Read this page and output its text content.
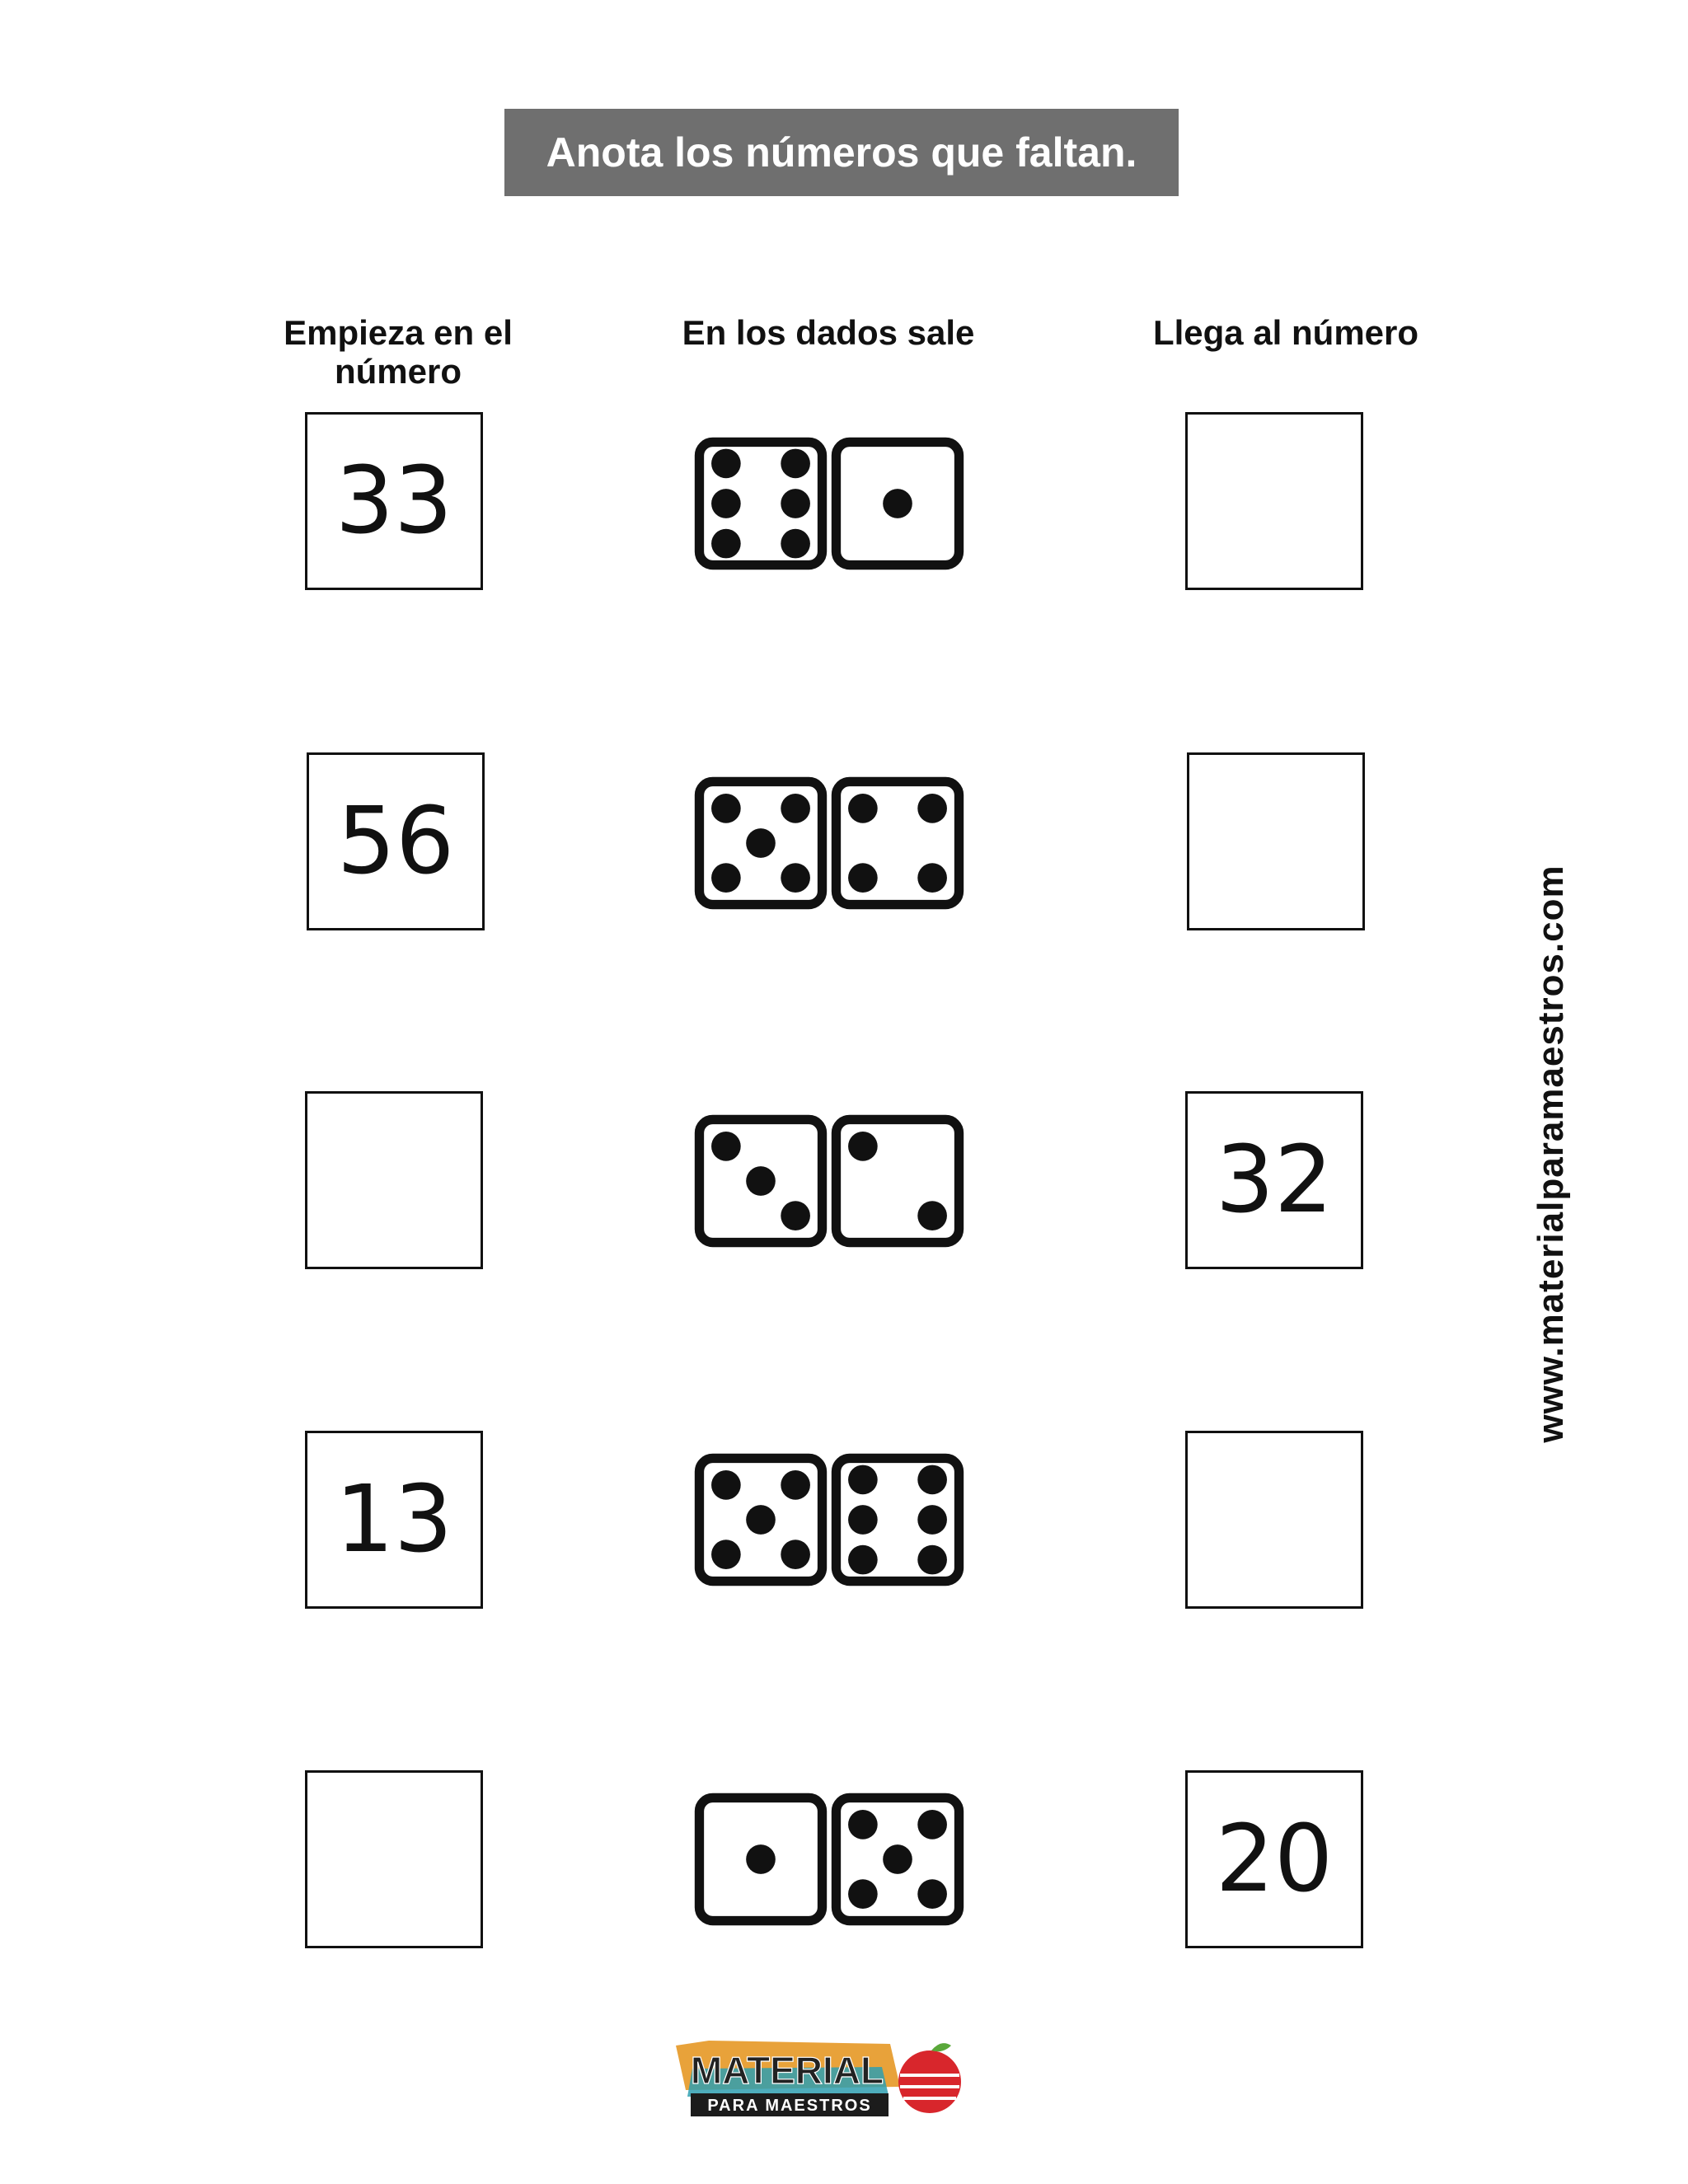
Anota los números que faltan.
Empieza en el número
En los dados sale	Llega al número
33
56
32
13
20
www.materialparamaestros.com
MATERIAL
PARA MAESTROS
